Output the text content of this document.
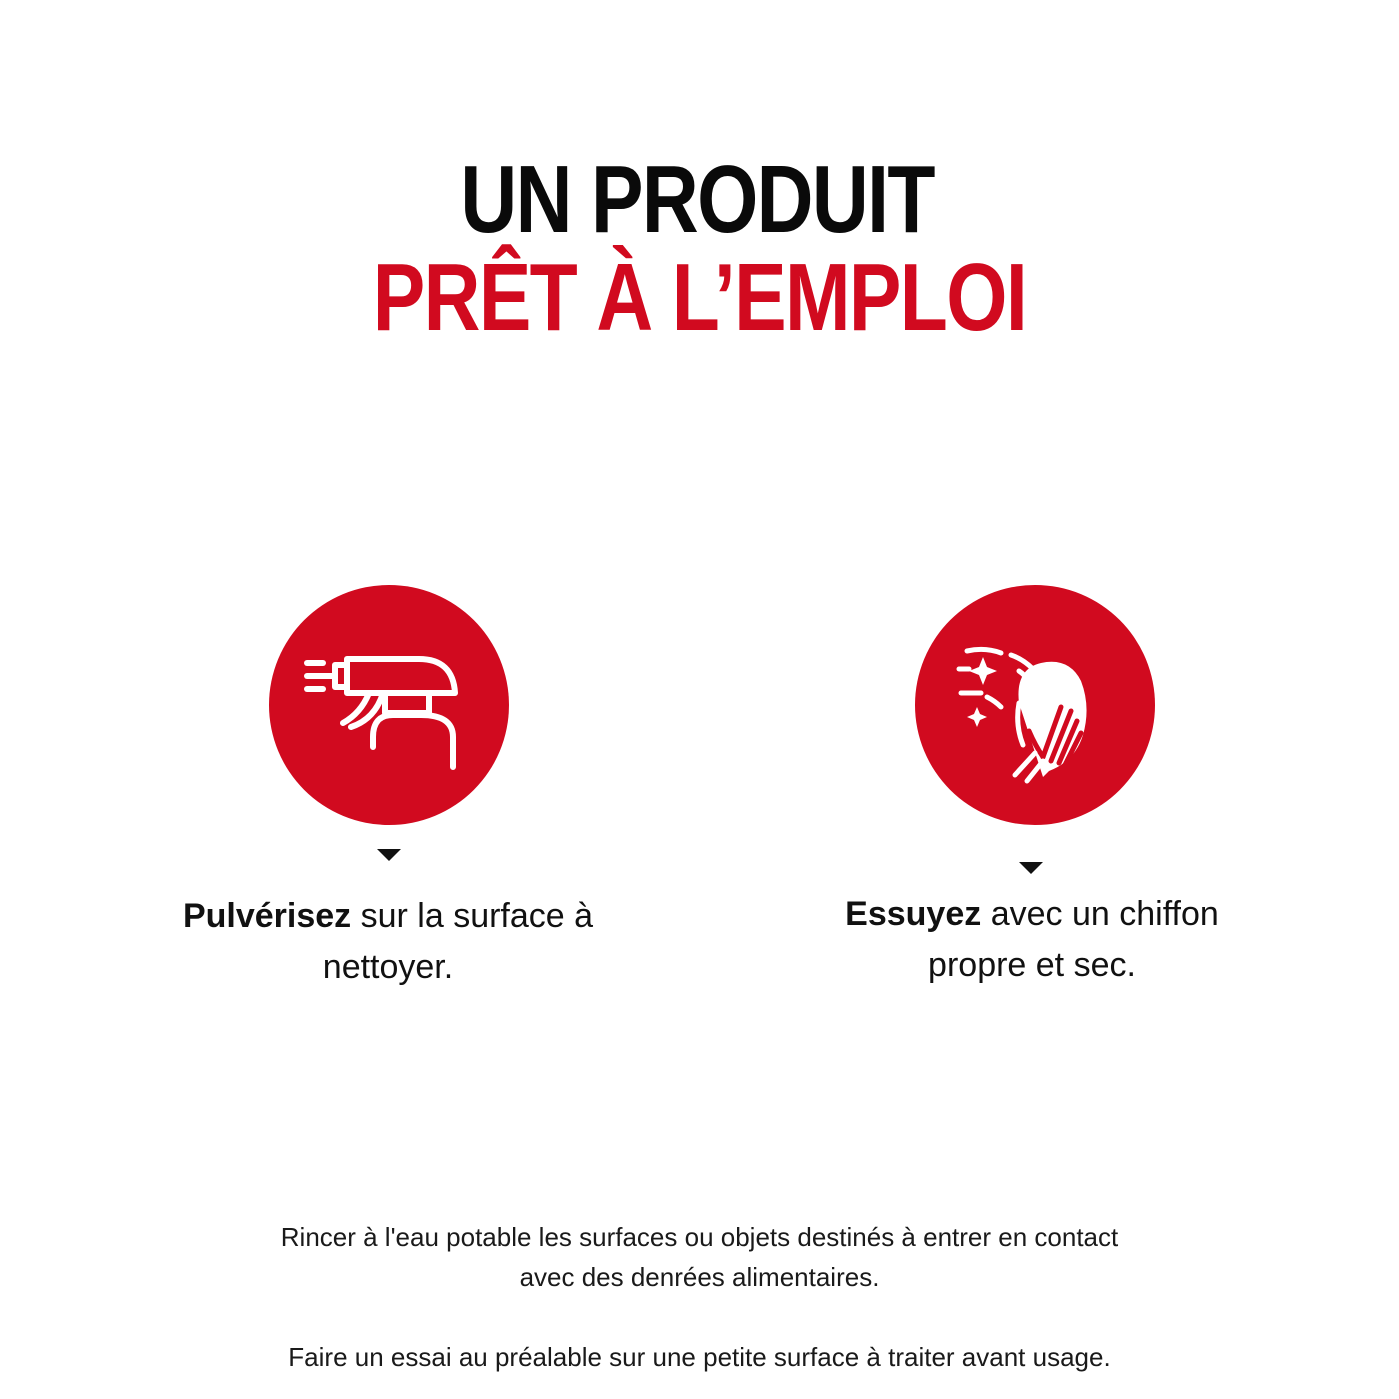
UN PRODUIT
PRÊT À L’EMPLOI
Pulvérisez sur la surface à
nettoyer.
Essuyez avec un chiffon
propre et sec.

Rincer à l'eau potable les surfaces ou objets destinés à entrer en contact
avec des denrées alimentaires.

Faire un essai au préalable sur une petite surface à traiter avant usage.
